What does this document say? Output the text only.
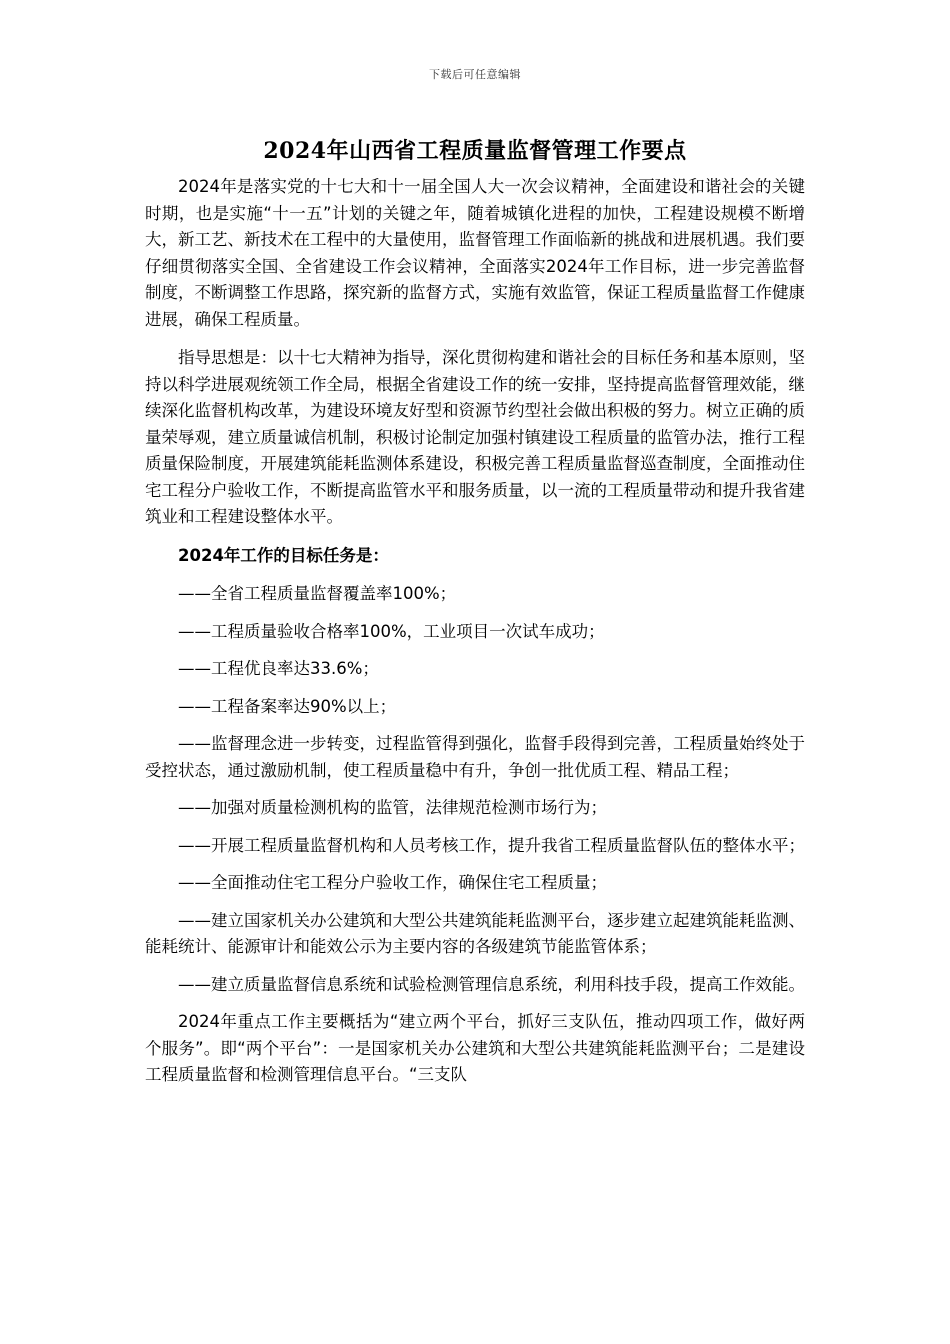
下载后可任意编辑
2024年山西省工程质量监督管理工作要点

2024年是落实党的十七大和十一届全国人大一次会议精神，全面建设和谐社会的关键时期，也是实施“十一五”计划的关键之年，随着城镇化进程的加快，工程建设规模不断增大，新工艺、新技术在工程中的大量使用，监督管理工作面临新的挑战和进展机遇。我们要仔细贯彻落实全国、全省建设工作会议精神，全面落实2024年工作目标，进一步完善监督制度，不断调整工作思路，探究新的监督方式，实施有效监管，保证工程质量监督工作健康进展，确保工程质量。

指导思想是：以十七大精神为指导，深化贯彻构建和谐社会的目标任务和基本原则，坚持以科学进展观统领工作全局，根据全省建设工作的统一安排，坚持提高监督管理效能，继续深化监督机构改革，为建设环境友好型和资源节约型社会做出积极的努力。树立正确的质量荣辱观，建立质量诚信机制，积极讨论制定加强村镇建设工程质量的监管办法，推行工程质量保险制度，开展建筑能耗监测体系建设，积极完善工程质量监督巡查制度，全面推动住宅工程分户验收工作，不断提高监管水平和服务质量，以一流的工程质量带动和提升我省建筑业和工程建设整体水平。

2024年工作的目标任务是：

——全省工程质量监督覆盖率100%；

——工程质量验收合格率100%，工业项目一次试车成功；

——工程优良率达33.6%；

——工程备案率达90%以上；

——监督理念进一步转变，过程监管得到强化，监督手段得到完善，工程质量始终处于受控状态，通过激励机制，使工程质量稳中有升，争创一批优质工程、精品工程；

——加强对质量检测机构的监管，法律规范检测市场行为；

——开展工程质量监督机构和人员考核工作，提升我省工程质量监督队伍的整体水平；

——全面推动住宅工程分户验收工作，确保住宅工程质量；

——建立国家机关办公建筑和大型公共建筑能耗监测平台，逐步建立起建筑能耗监测、能耗统计、能源审计和能效公示为主要内容的各级建筑节能监管体系；

——建立质量监督信息系统和试验检测管理信息系统，利用科技手段，提高工作效能。

2024年重点工作主要概括为“建立两个平台，抓好三支队伍，推动四项工作，做好两个服务”。即“两个平台”：一是国家机关办公建筑和大型公共建筑能耗监测平台；二是建设工程质量监督和检测管理信息平台。“三支队
